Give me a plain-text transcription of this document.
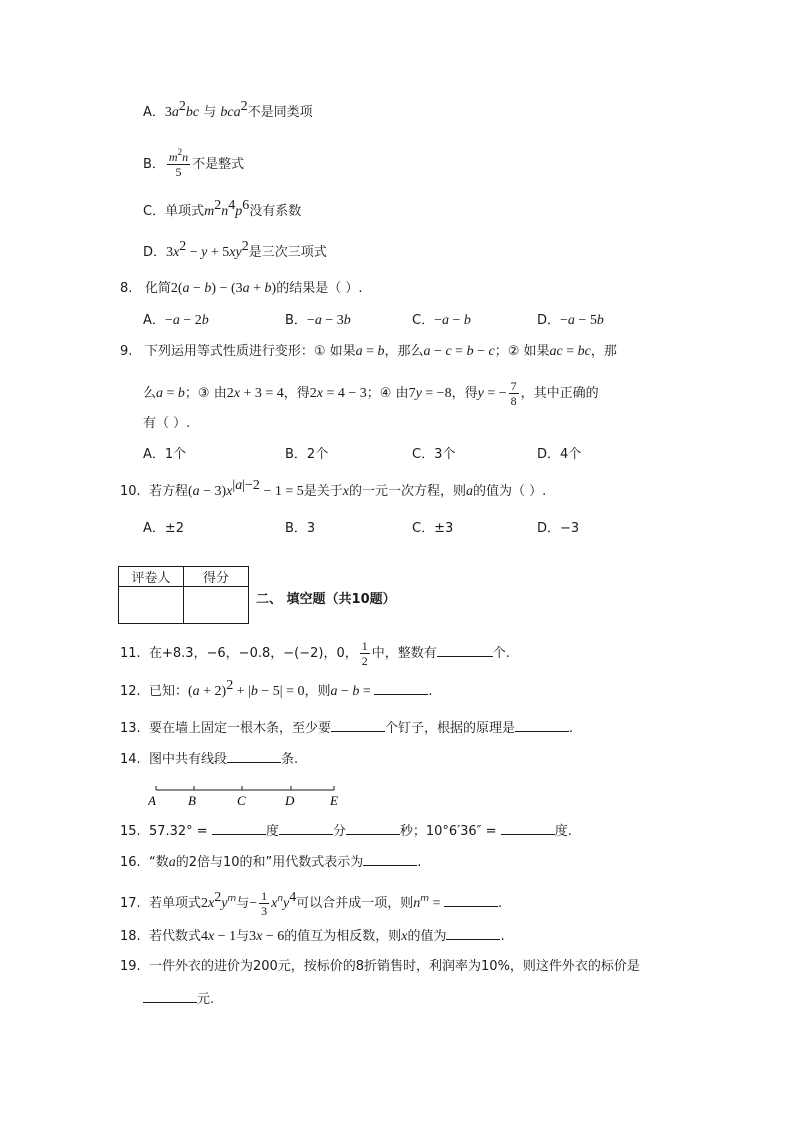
A．$3a^2bc$ 与 bca$^2$不是同类项
B． $\frac{m^2n}{5}$ 不是整式
C．单项式$m^2n^4p^6$没有系数
D．$3x^2 - y + 5xy^2$是三次三项式
8. 化简2(a − b) − (3a + b)的结果是（ ）.
A．−a − 2b	B．−a − 3b	C．−a − b	D．−a − 5b
9. 下列运用等式性质进行变形：① 如果a = b，那么a − c = b − c；② 如果ac = bc，那
么a = b；③ 由2x + 3 = 4，得2x = 4 − 3；④ 由7y = −8，得y = − $\frac{7}{8}$ ，其中正确的
有（ ）.
A．1个	B．2个	C．3个	D．4个
10. 若方程$(a - 3)x^{|a|-2} - 1 = 5$是关于x的一元一次方程，则a的值为（ ）.
A．±2	B．3	C．±3	D．−3
评卷人	得分

二、 填空题（共10题）
11. 在+8.3，−6，−0.8，−(−2)，0， $\frac{1}{2}$ 中，整数有	个.
12. 已知：$(a + 2)^2 + |b - 5| = 0$，则a − b =	.
13. 要在墙上固定一根木条，至少要	个钉子，根据的原理是	.
14. 图中共有线段	条.
A B	C	D	E
15. 57.32° =	度	分	秒；10°6′36″ =	度.
16. “数a的2倍与10的和”用代数式表示为	.
17. 若单项式$2x^2y^m$与− $\frac{1}{3} x^ny^4$可以合并成一项，则$n^m$ =	.
18. 若代数式4x − 1与3x − 6的值互为相反数，则x的值为	.
19. 一件外衣的进价为200元，按标价的8折销售时，利润率为10%，则这件外衣的标价是
元.
